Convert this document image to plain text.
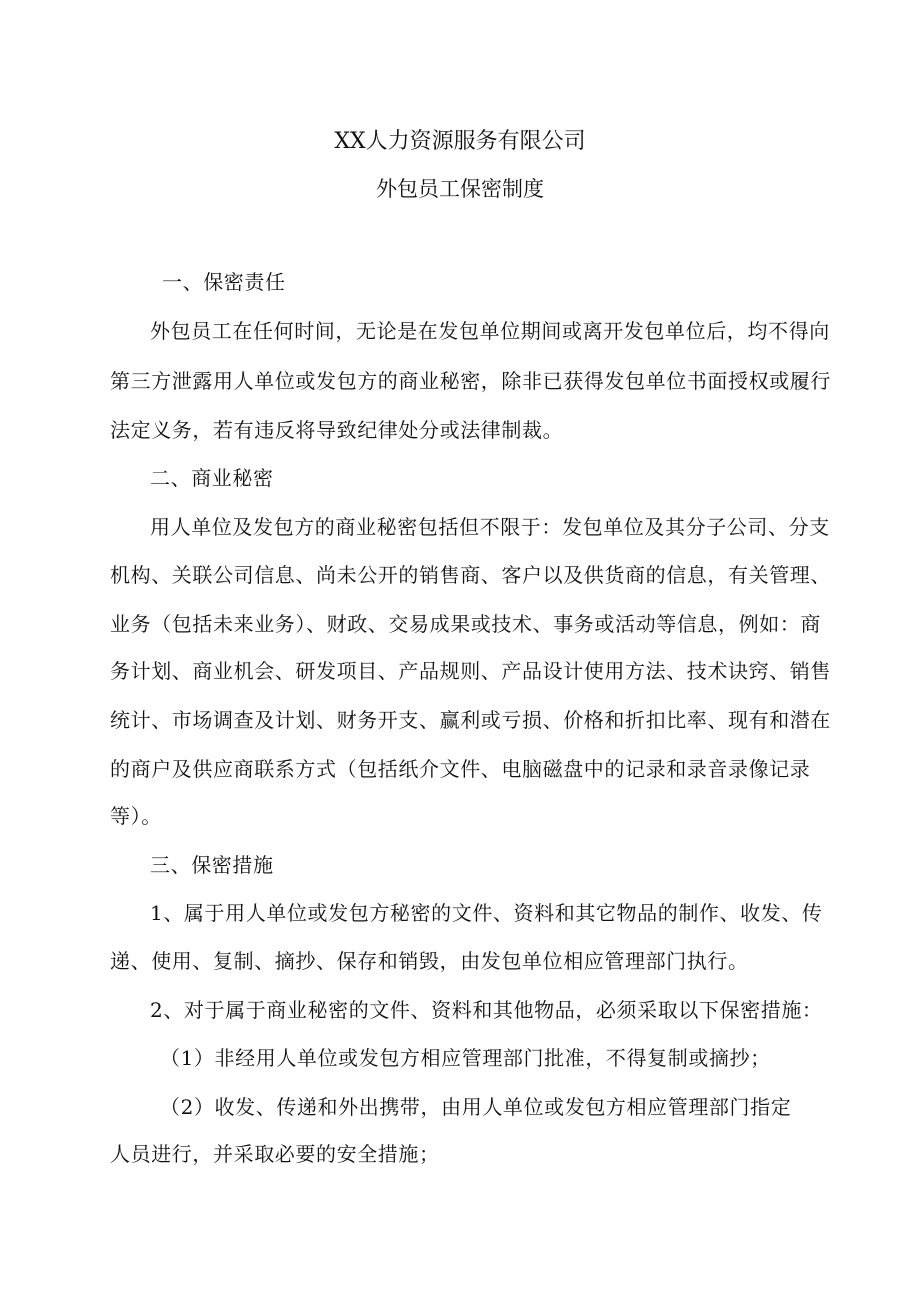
XX人力资源服务有限公司
外包员工保密制度
一、保密责任
外包员工在任何时间，无论是在发包单位期间或离开发包单位后，均不得向
第三方泄露用人单位或发包方的商业秘密，除非已获得发包单位书面授权或履行
法定义务，若有违反将导致纪律处分或法律制裁。
二、商业秘密
用人单位及发包方的商业秘密包括但不限于：发包单位及其分子公司、分支
机构、关联公司信息、尚未公开的销售商、客户以及供货商的信息，有关管理、
业务（包括未来业务）、财政、交易成果或技术、事务或活动等信息，例如：商
务计划、商业机会、研发项目、产品规则、产品设计使用方法、技术诀窍、销售
统计、市场调查及计划、财务开支、赢利或亏损、价格和折扣比率、现有和潜在
的商户及供应商联系方式（包括纸介文件、电脑磁盘中的记录和录音录像记录
等）。
三、保密措施
1、属于用人单位或发包方秘密的文件、资料和其它物品的制作、收发、传
递、使用、复制、摘抄、保存和销毁，由发包单位相应管理部门执行。
2、对于属于商业秘密的文件、资料和其他物品，必须采取以下保密措施：
（1）非经用人单位或发包方相应管理部门批准，不得复制或摘抄；
（2）收发、传递和外出携带，由用人单位或发包方相应管理部门指定
人员进行，并采取必要的安全措施；
